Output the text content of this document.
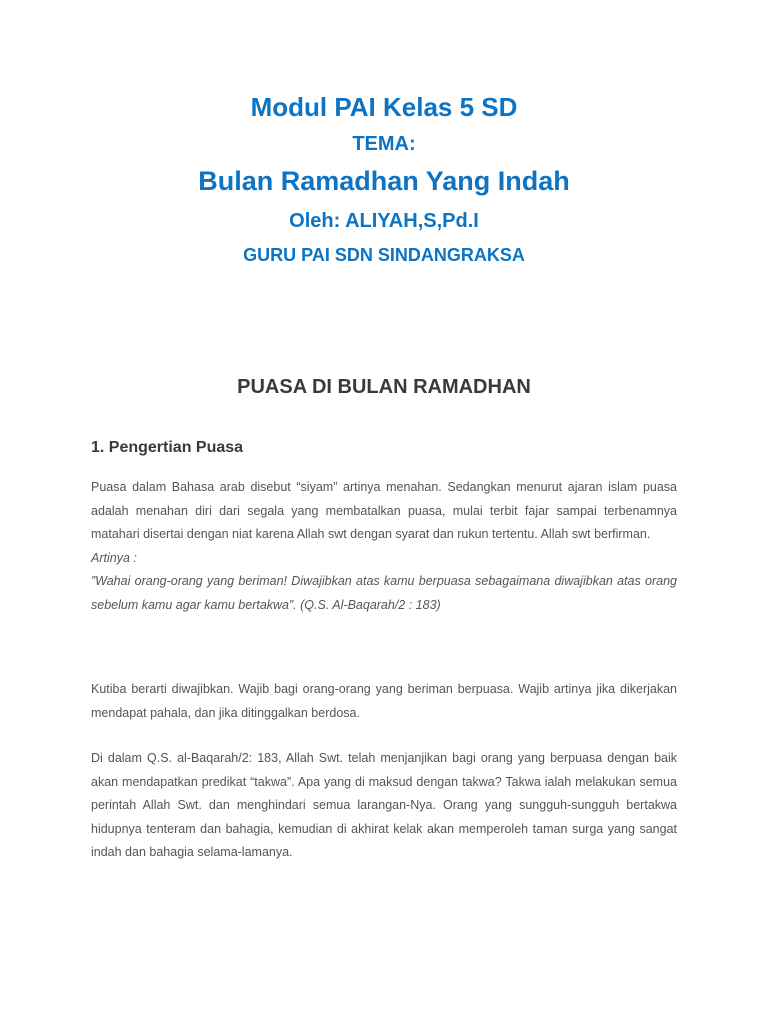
Modul PAI Kelas 5 SD
TEMA:
Bulan Ramadhan Yang Indah
Oleh: ALIYAH,S,Pd.I
GURU PAI SDN SINDANGRAKSA
PUASA DI BULAN RAMADHAN
1. Pengertian Puasa
Puasa dalam Bahasa arab disebut “siyam” artinya menahan. Sedangkan menurut ajaran islam puasa adalah menahan diri dari segala yang membatalkan puasa, mulai terbit fajar sampai terbenamnya matahari disertai dengan niat karena Allah swt dengan syarat dan rukun tertentu. Allah swt berfirman.
Artinya :
”Wahai orang-orang yang beriman! Diwajibkan atas kamu berpuasa sebagaimana diwajibkan atas orang sebelum kamu agar kamu bertakwa”. (Q.S. Al-Baqarah/2 : 183)

Kutiba berarti diwajibkan. Wajib bagi orang-orang yang beriman berpuasa. Wajib artinya jika dikerjakan mendapat pahala, dan jika ditinggalkan berdosa.

Di dalam Q.S. al-Baqarah/2: 183, Allah Swt. telah menjanjikan bagi orang yang berpuasa dengan baik akan mendapatkan predikat “takwa”. Apa yang di maksud dengan takwa? Takwa ialah melakukan semua perintah Allah Swt. dan menghindari semua larangan-Nya. Orang yang sungguh-sungguh bertakwa hidupnya tenteram dan bahagia, kemudian di akhirat kelak akan memperoleh taman surga yang sangat indah dan bahagia selama-lamanya.
